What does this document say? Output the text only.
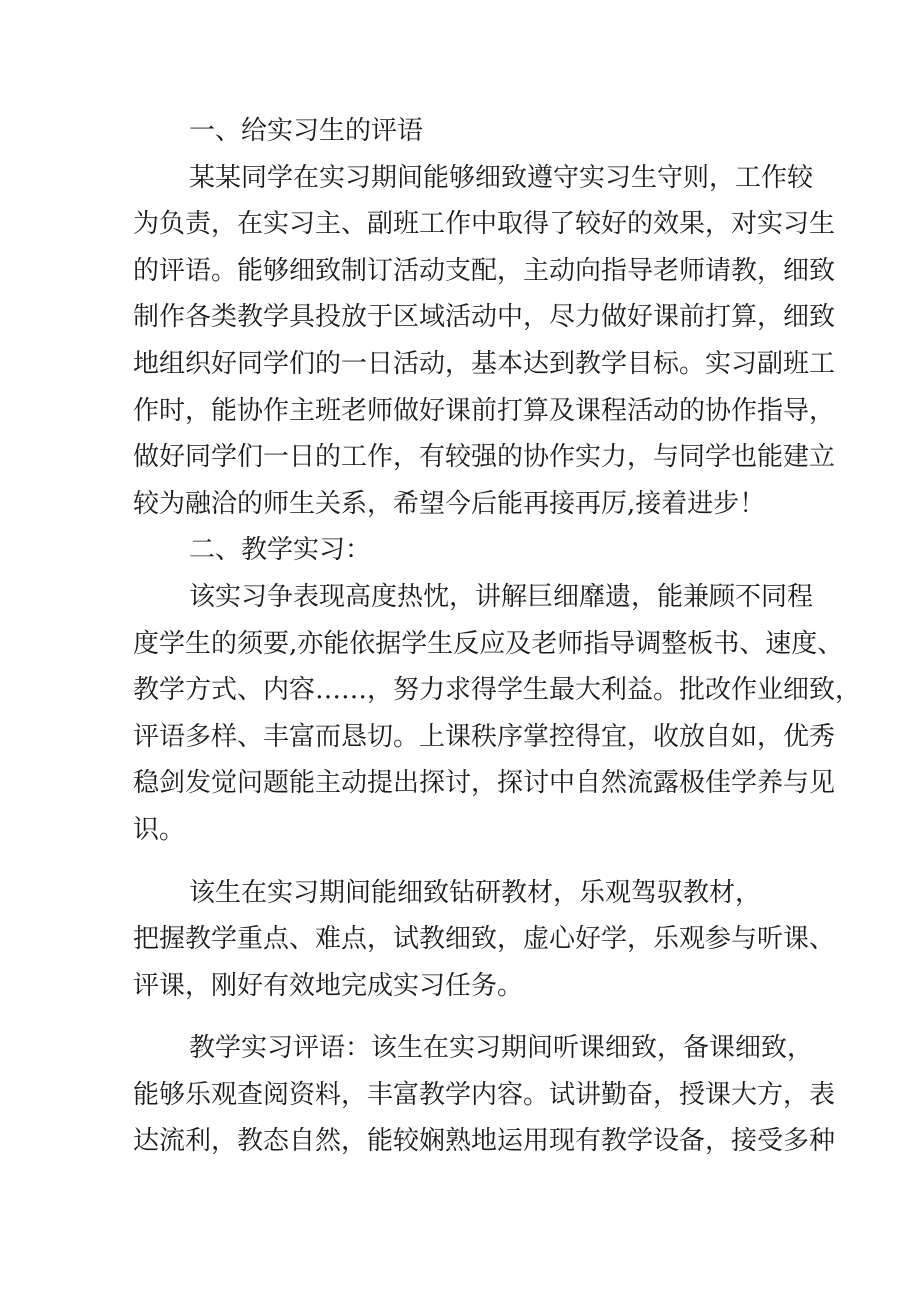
一、给实习生的评语
某某同学在实习期间能够细致遵守实习生守则，工作较
为负责，在实习主、副班工作中取得了较好的效果，对实习生
的评语。能够细致制订活动支配，主动向指导老师请教，细致
制作各类教学具投放于区域活动中，尽力做好课前打算，细致
地组织好同学们的一日活动，基本达到教学目标。实习副班工
作时，能协作主班老师做好课前打算及课程活动的协作指导，
做好同学们一日的工作，有较强的协作实力，与同学也能建立
较为融洽的师生关系，希望今后能再接再厉,接着进步！
二、教学实习：
该实习争表现高度热忱，讲解巨细靡遗，能兼顾不同程
度学生的须要,亦能依据学生反应及老师指导调整板书、速度、
教学方式、内容……，努力求得学生最大利益。批改作业细致，
评语多样、丰富而恳切。上课秩序掌控得宜，收放自如，优秀
稳剑发觉问题能主动提出探讨，探讨中自然流露极佳学养与见
识。
该生在实习期间能细致钻研教材，乐观驾驭教材，
把握教学重点、难点，试教细致，虚心好学，乐观参与听课、
评课，刚好有效地完成实习任务。
教学实习评语：该生在实习期间听课细致，备课细致，
能够乐观查阅资料，丰富教学内容。试讲勤奋，授课大方，表
达流利，教态自然，能较娴熟地运用现有教学设备，接受多种
